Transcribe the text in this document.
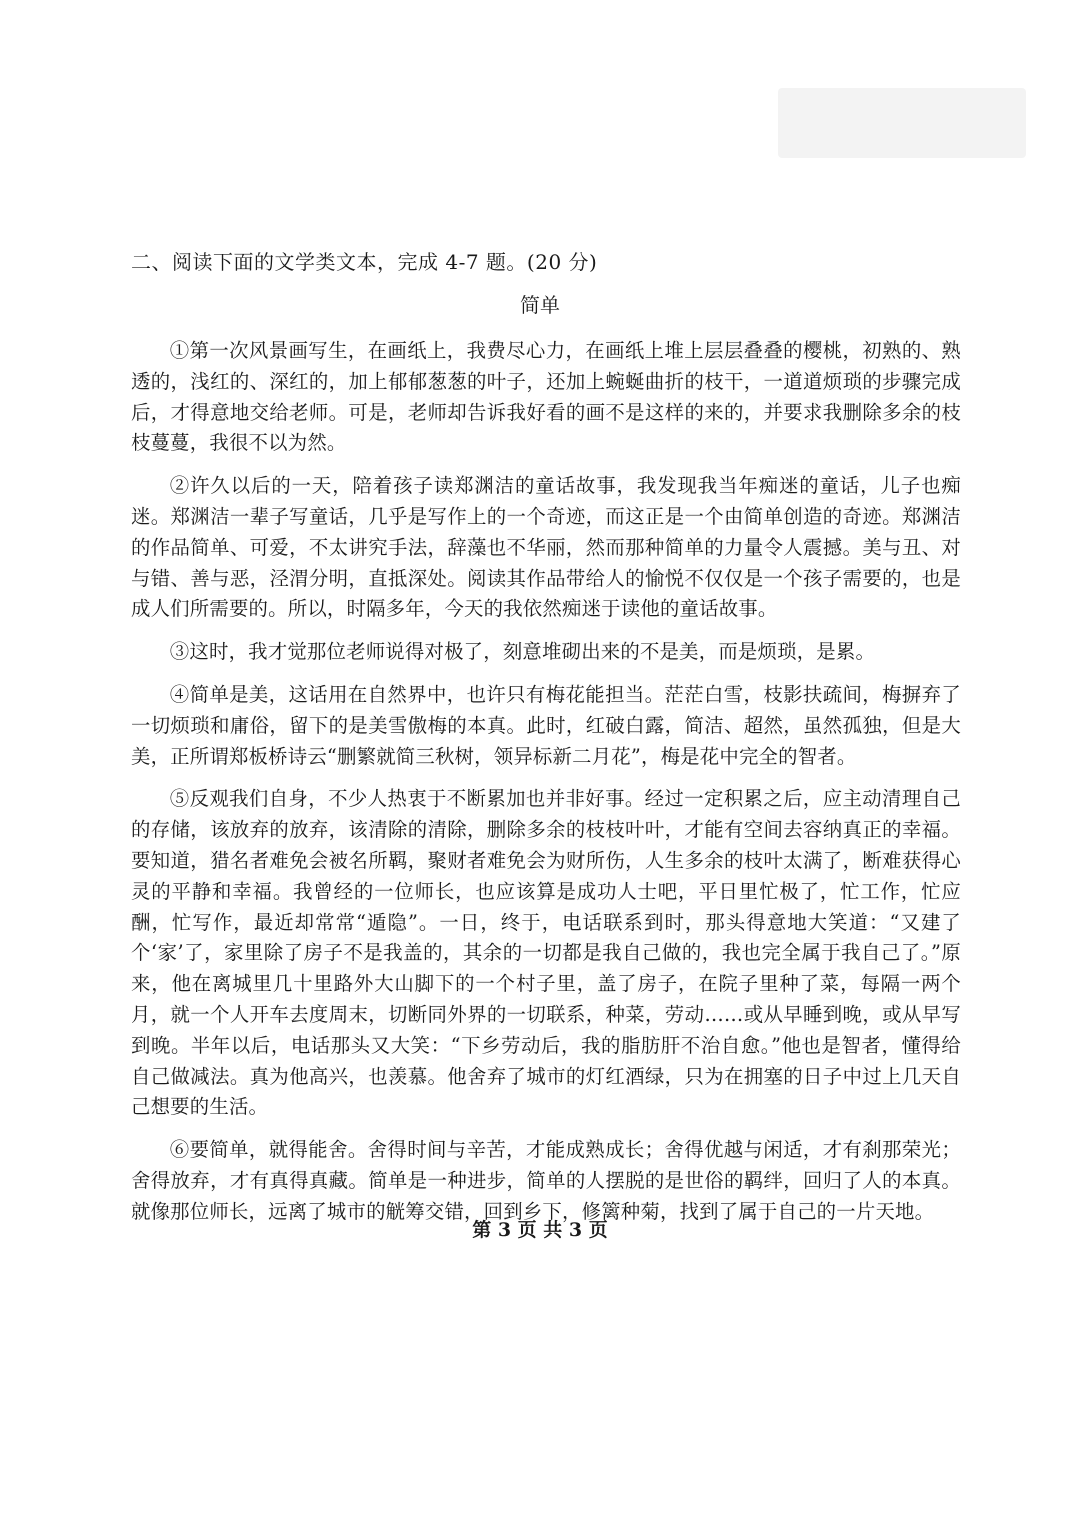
二、阅读下面的文学类文本，完成 4-7 题。(20 分)
简单

①第一次风景画写生，在画纸上，我费尽心力，在画纸上堆上层层叠叠的樱桃，初熟的、熟透的，浅红的、深红的，加上郁郁葱葱的叶子，还加上蜿蜒曲折的枝干，一道道烦琐的步骤完成后，才得意地交给老师。可是，老师却告诉我好看的画不是这样的来的，并要求我删除多余的枝枝蔓蔓，我很不以为然。

②许久以后的一天，陪着孩子读郑渊洁的童话故事，我发现我当年痴迷的童话，儿子也痴迷。郑渊洁一辈子写童话，几乎是写作上的一个奇迹，而这正是一个由简单创造的奇迹。郑渊洁的作品简单、可爱，不太讲究手法，辞藻也不华丽，然而那种简单的力量令人震撼。美与丑、对与错、善与恶，泾渭分明，直抵深处。阅读其作品带给人的愉悦不仅仅是一个孩子需要的，也是成人们所需要的。所以，时隔多年，今天的我依然痴迷于读他的童话故事。

③这时，我才觉那位老师说得对极了，刻意堆砌出来的不是美，而是烦琐，是累。

④简单是美，这话用在自然界中，也许只有梅花能担当。茫茫白雪，枝影扶疏间，梅摒弃了一切烦琐和庸俗，留下的是美雪傲梅的本真。此时，红破白露，简洁、超然，虽然孤独，但是大美，正所谓郑板桥诗云“删繁就简三秋树，领异标新二月花”，梅是花中完全的智者。

⑤反观我们自身，不少人热衷于不断累加也并非好事。经过一定积累之后，应主动清理自己的存储，该放弃的放弃，该清除的清除，删除多余的枝枝叶叶，才能有空间去容纳真正的幸福。要知道，猎名者难免会被名所羁，聚财者难免会为财所伤，人生多余的枝叶太满了，断难获得心灵的平静和幸福。我曾经的一位师长，也应该算是成功人士吧，平日里忙极了，忙工作，忙应酬，忙写作，最近却常常“遁隐”。一日，终于，电话联系到时，那头得意地大笑道：“又建了个‘家’了，家里除了房子不是我盖的，其余的一切都是我自己做的，我也完全属于我自己了。”原来，他在离城里几十里路外大山脚下的一个村子里，盖了房子，在院子里种了菜，每隔一两个月，就一个人开车去度周末，切断同外界的一切联系，种菜，劳动……或从早睡到晚，或从早写到晚。半年以后，电话那头又大笑：“下乡劳动后，我的脂肪肝不治自愈。”他也是智者，懂得给自己做减法。真为他高兴，也羡慕。他舍弃了城市的灯红酒绿，只为在拥塞的日子中过上几天自己想要的生活。

⑥要简单，就得能舍。舍得时间与辛苦，才能成熟成长；舍得优越与闲适，才有刹那荣光；舍得放弃，才有真得真藏。简单是一种进步，简单的人摆脱的是世俗的羁绊，回归了人的本真。就像那位师长，远离了城市的觥筹交错，回到乡下，修篱种菊，找到了属于自己的一片天地。

第 3 页 共 3 页
